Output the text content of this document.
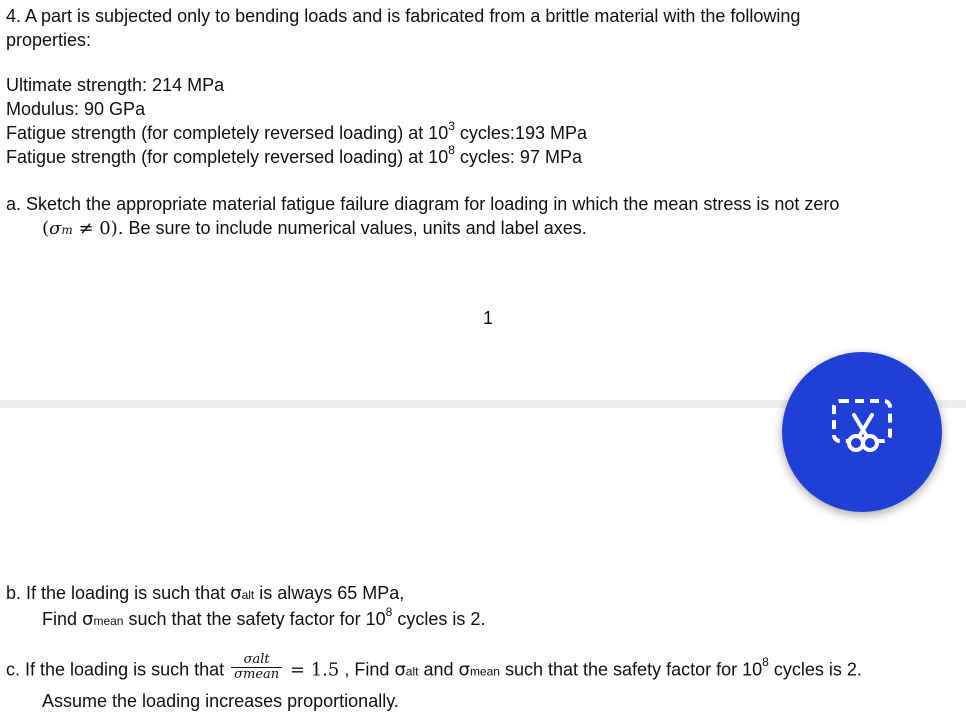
4. A part is subjected only to bending loads and is fabricated from a brittle material with the following
properties:
Ultimate strength: 214 MPa
Modulus: 90 GPa
Fatigue strength (for completely reversed loading) at $10^3$ cycles:193 MPa
Fatigue strength (for completely reversed loading) at $10^8$ cycles: 97 MPa
a. Sketch the appropriate material fatigue failure diagram for loading in which the mean stress is not zero
(σm ≠ 0). Be sure to include numerical values, units and label axes.
1
b. If the loading is such that σalt is always 65 MPa,
Find σmean such that the safety factor for $10^8$ cycles is 2.
c. If the loading is such that $\frac{\text{σalt}}{\text{σmean}} = 1.5$ , Find σalt and σmean such that the safety factor for $10^8$ cycles is 2.
Assume the loading increases proportionally.
